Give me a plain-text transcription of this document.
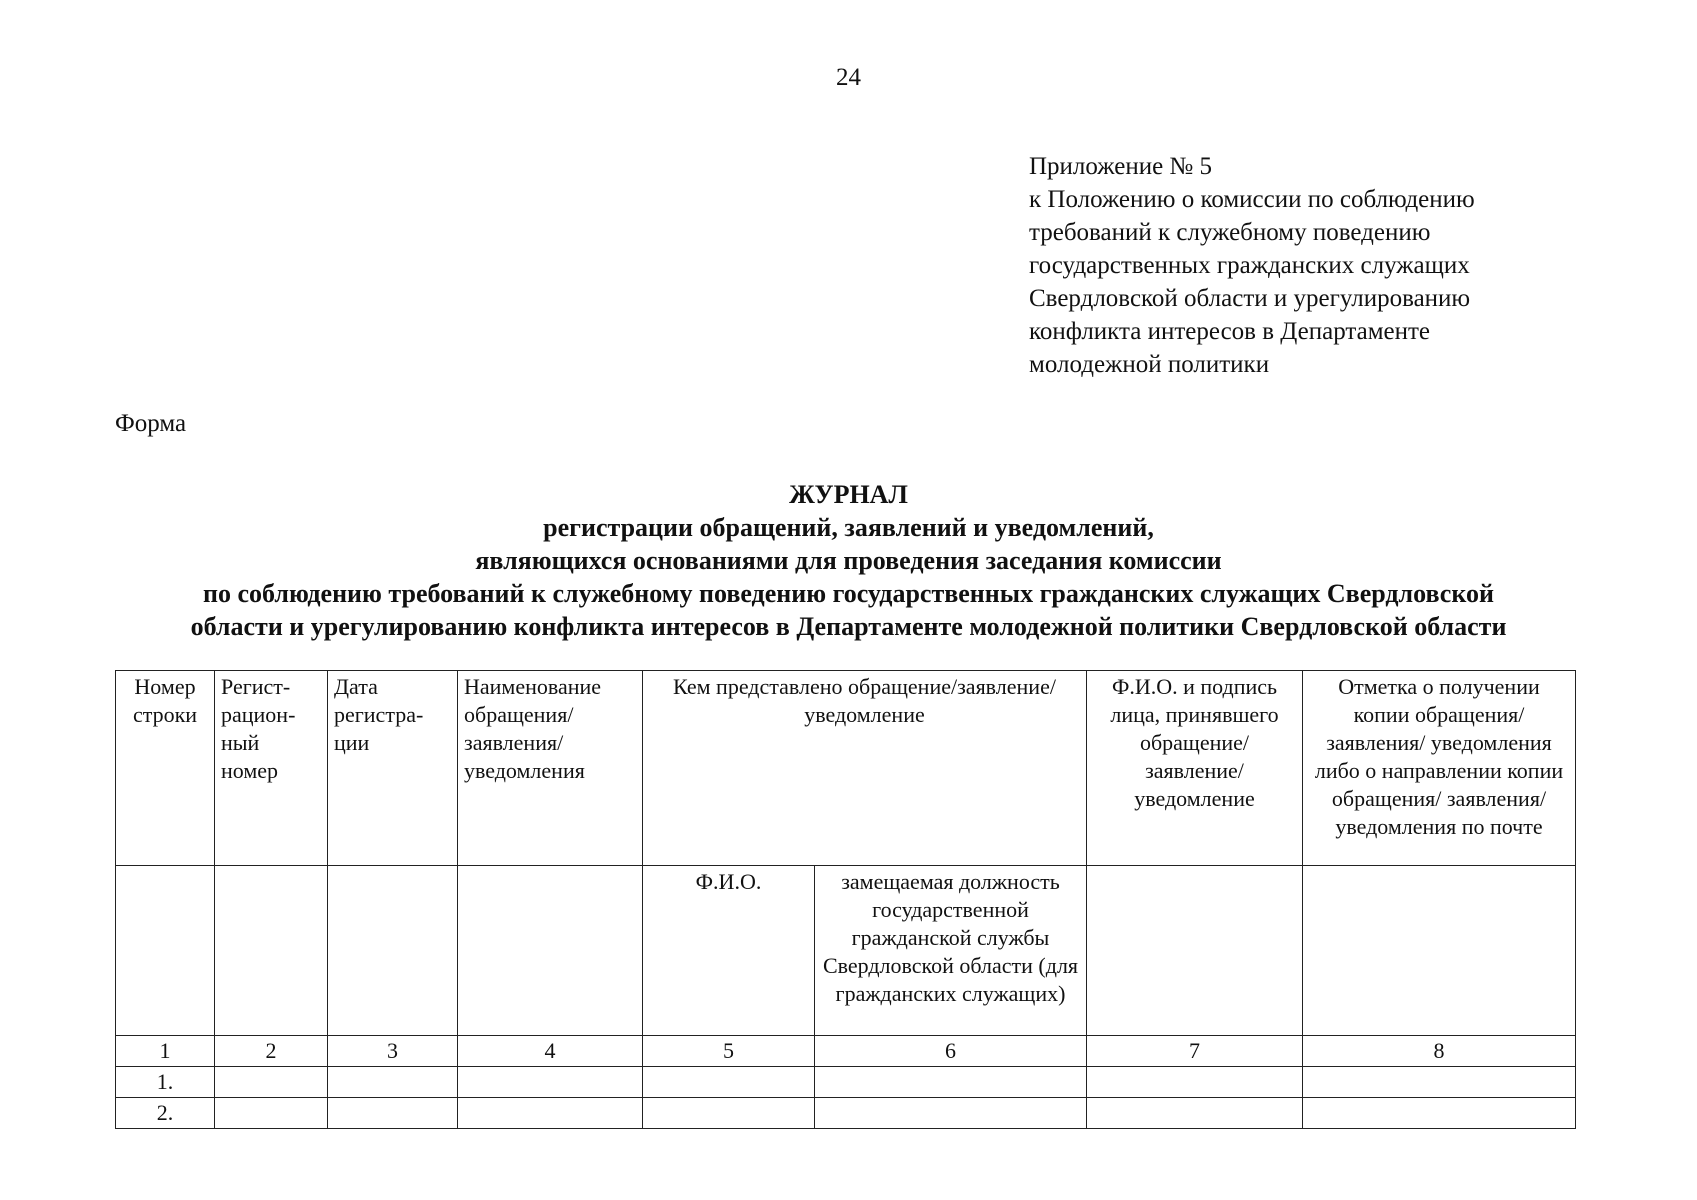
24
Приложение № 5
к Положению о комиссии по соблюдению
требований к служебному поведению
государственных гражданских служащих
Свердловской области и урегулированию
конфликта интересов в Департаменте
молодежной политики
Форма
ЖУРНАЛ
регистрации обращений, заявлений и уведомлений,
являющихся основаниями для проведения заседания комиссии
по соблюдению требований к служебному поведению государственных гражданских служащих Свердловской
области и урегулированию конфликта интересов в Департаменте молодежной политики Свердловской области
Номер строки	Регист-рацион-ный номер	Дата регистра-ции	Наименование обращения/ заявления/ уведомления	Кем представлено обращение/заявление/ уведомление		Ф.И.О. и подпись лица, принявшего обращение/ заявление/ уведомление	Отметка о получении копии обращения/ заявления/ уведомления либо о направлении копии обращения/ заявления/уведомления по почте
				Ф.И.О.	замещаемая должность государственной гражданской службы Свердловской области (для гражданских служащих)		
1	2	3	4	5	6	7	8
1.							
2.							
